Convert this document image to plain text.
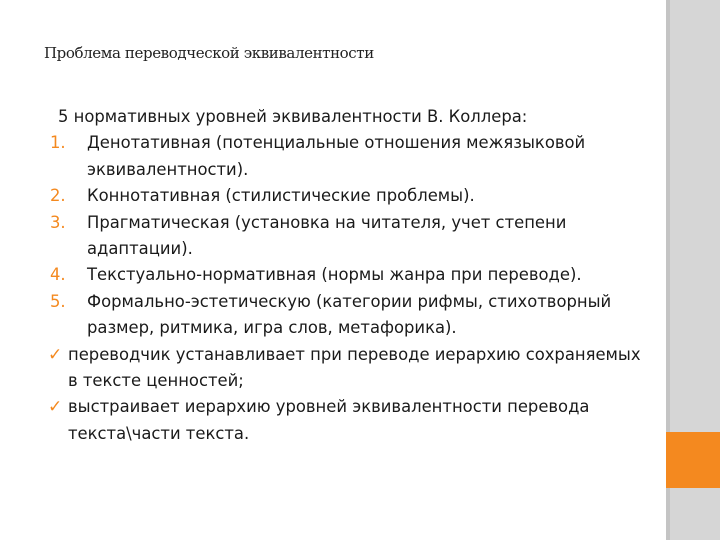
Проблема переводческой эквивалентности
5 нормативных уровней эквивалентности В. Коллера:
1. Денотативная (потенциальные отношения межязыковой эквивалентности).
2. Коннотативная (стилистические проблемы).
3. Прагматическая (установка на читателя, учет степени адаптации).
4. Текстуально-нормативная (нормы жанра при переводе).
5. Формально-эстетическую (категории рифмы, стихотворный размер, ритмика, игра слов, метафорика).
✓ переводчик устанавливает при переводе иерархию сохраняемых в тексте ценностей;
✓ выстраивает иерархию уровней эквивалентности перевода текста\части текста.
